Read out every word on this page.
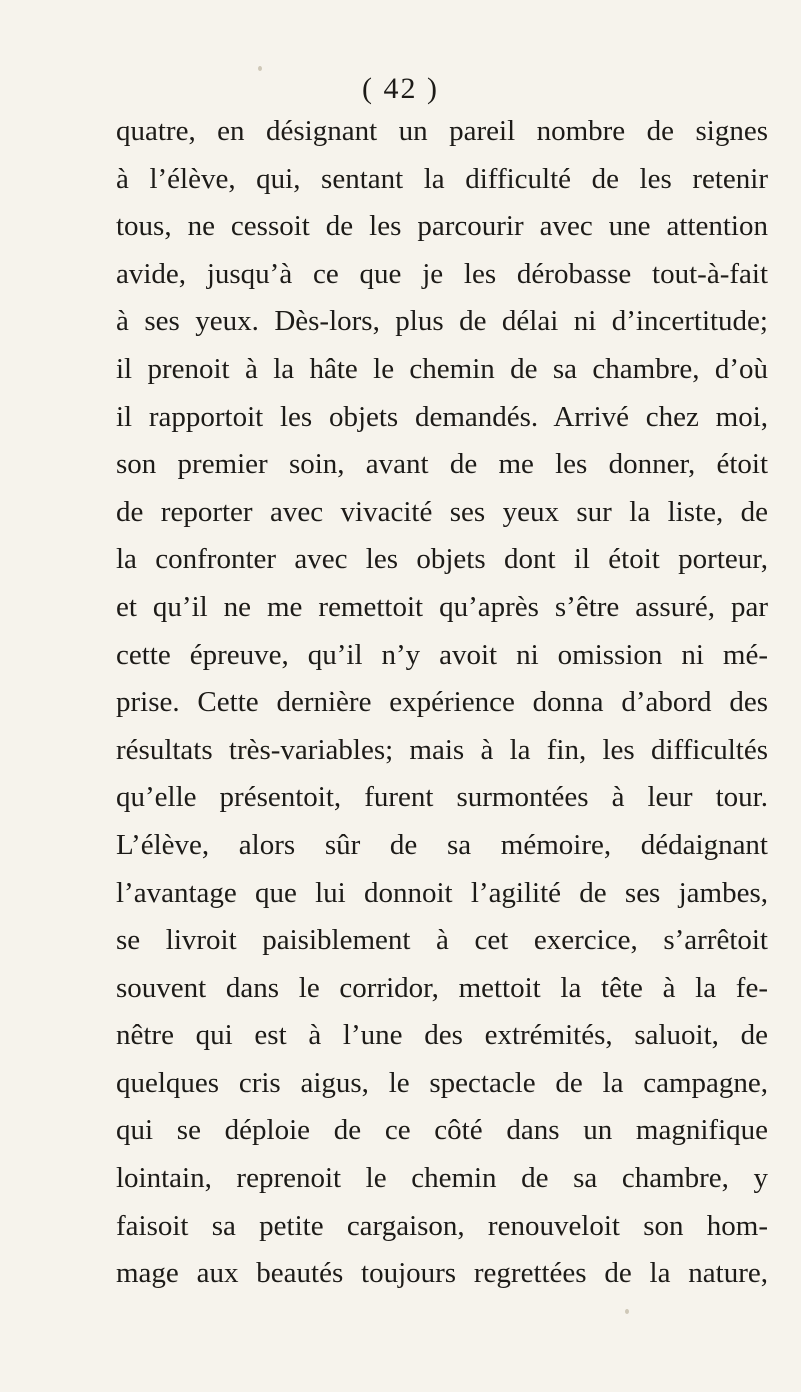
( 42 )
quatre, en désignant un pareil nombre de signes
à l’élève, qui, sentant la difficulté de les retenir
tous, ne cessoit de les parcourir avec une attention
avide, jusqu’à ce que je les dérobasse tout-à-fait
à ses yeux. Dès-lors, plus de délai ni d’incertitude;
il prenoit à la hâte le chemin de sa chambre, d’où
il rapportoit les objets demandés. Arrivé chez moi,
son premier soin, avant de me les donner, étoit
de reporter avec vivacité ses yeux sur la liste, de
la confronter avec les objets dont il étoit porteur,
et qu’il ne me remettoit qu’après s’être assuré, par
cette épreuve, qu’il n’y avoit ni omission ni mé-
prise. Cette dernière expérience donna d’abord des
résultats très-variables; mais à la fin, les difficultés
qu’elle présentoit, furent surmontées à leur tour.
L’élève, alors sûr de sa mémoire, dédaignant
l’avantage que lui donnoit l’agilité de ses jambes,
se livroit paisiblement à cet exercice, s’arrêtoit
souvent dans le corridor, mettoit la tête à la fe-
nêtre qui est à l’une des extrémités, saluoit, de
quelques cris aigus, le spectacle de la campagne,
qui se déploie de ce côté dans un magnifique
lointain, reprenoit le chemin de sa chambre, y
faisoit sa petite cargaison, renouveloit son hom-
mage aux beautés toujours regrettées de la nature,
